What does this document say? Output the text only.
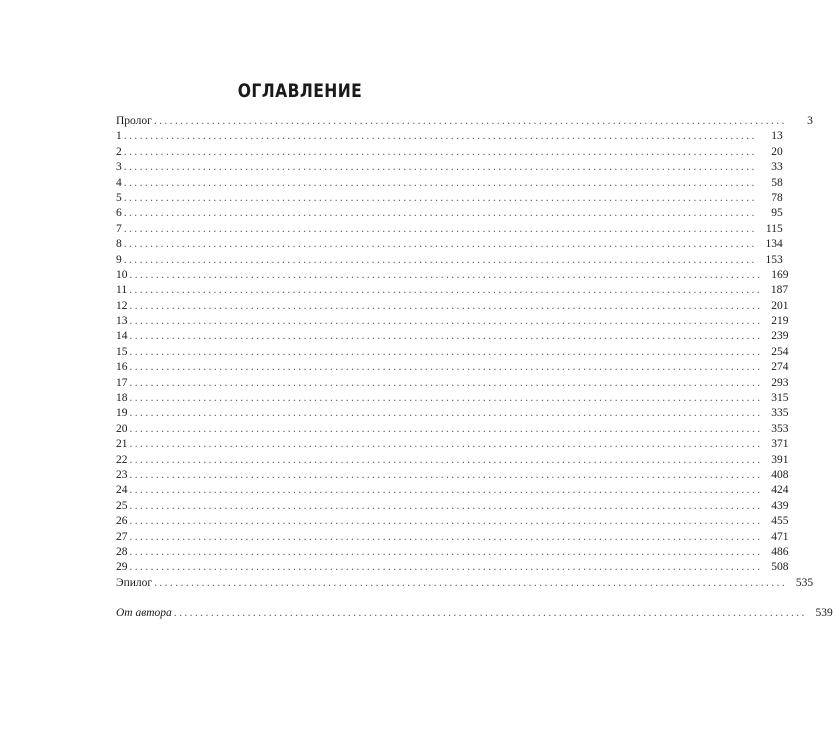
ОГЛАВЛЕНИЕ
Пролог ........................................................................................................................	3
1 ........................................................................................................................	13
2 ........................................................................................................................	20
3 ........................................................................................................................	33
4 ........................................................................................................................	58
5 ........................................................................................................................	78
6 ........................................................................................................................	95
7 ........................................................................................................................ 115
8 ........................................................................................................................ 134
9 ........................................................................................................................ 153
10 ........................................................................................................................ 169
11 ........................................................................................................................ 187
12 ........................................................................................................................ 201
13 ........................................................................................................................ 219
14 ........................................................................................................................ 239
15 ........................................................................................................................ 254
16 ........................................................................................................................ 274
17 ........................................................................................................................ 293
18 ........................................................................................................................ 315
19 ........................................................................................................................ 335
20 ........................................................................................................................ 353
21 ........................................................................................................................ 371
22 ........................................................................................................................ 391
23 ........................................................................................................................ 408
24 ........................................................................................................................ 424
25 ........................................................................................................................ 439
26 ........................................................................................................................ 455
27 ........................................................................................................................ 471
28 ........................................................................................................................ 486
29 ........................................................................................................................ 508
Эпилог ........................................................................................................................ 535
От автора ........................................................................................................................ 539
